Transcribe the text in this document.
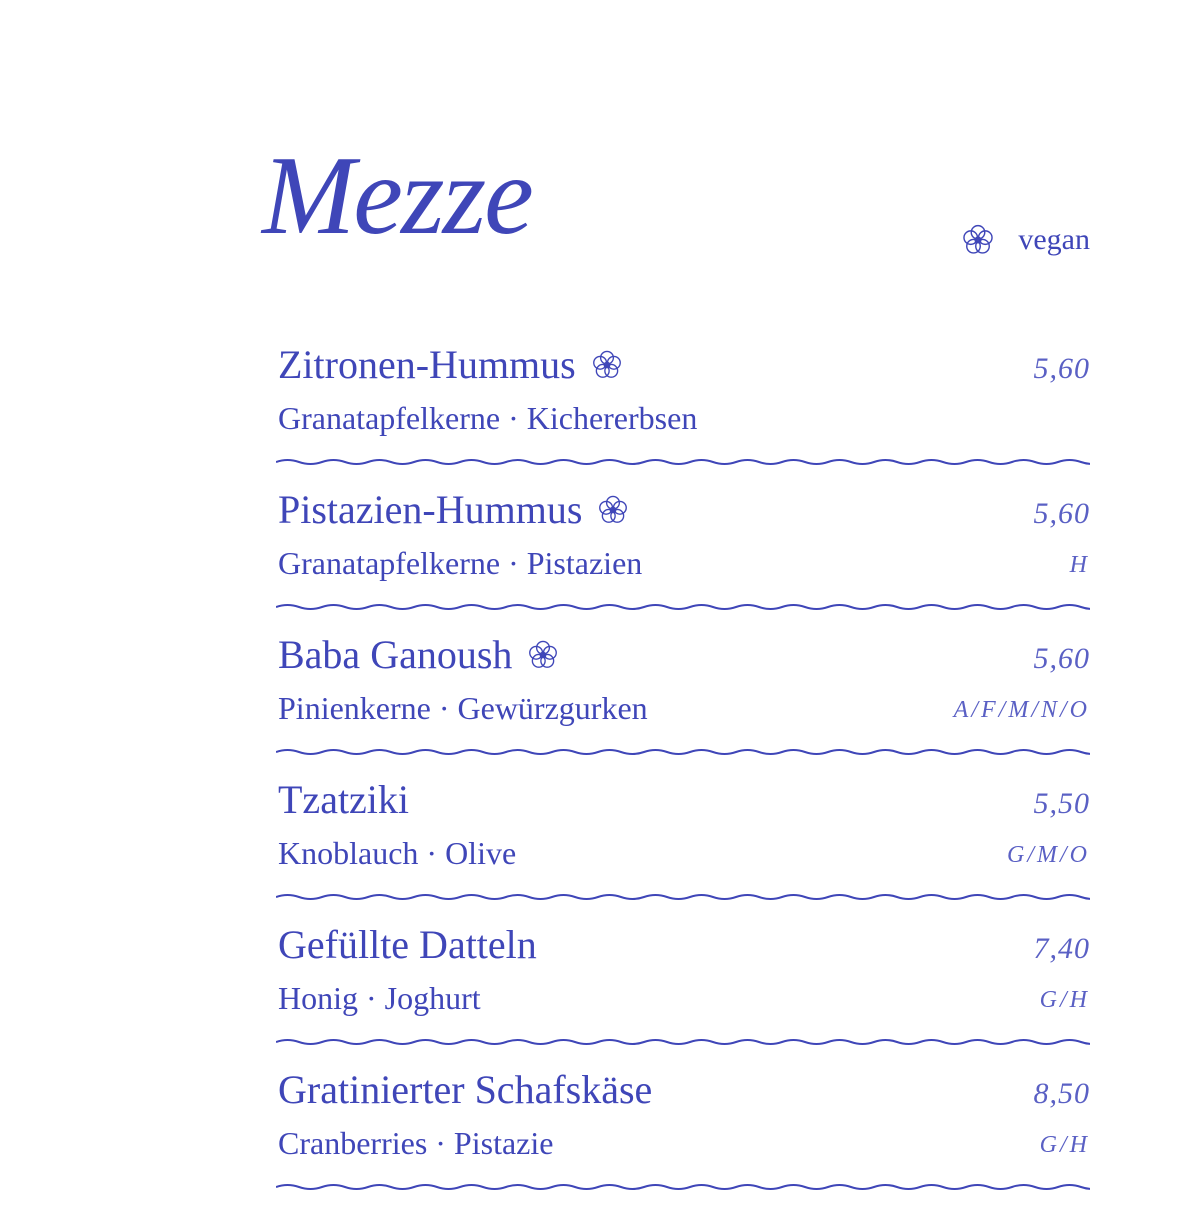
Mezze	vegan
Zitronen-Hummus	5,60
Granatapfelkerne · Kichererbsen
Pistazien-Hummus	5,60
Granatapfelkerne · Pistazien	H
Baba Ganoush	5,60
Pinienkerne · Gewürzgurken	A/F/M/N/O
Tzatziki	5,50
Knoblauch · Olive	G/M/O
Gefüllte Datteln	7,40
Honig · Joghurt	G/H
Gratinierter Schafskäse	8,50
Cranberries · Pistazie	G/H
